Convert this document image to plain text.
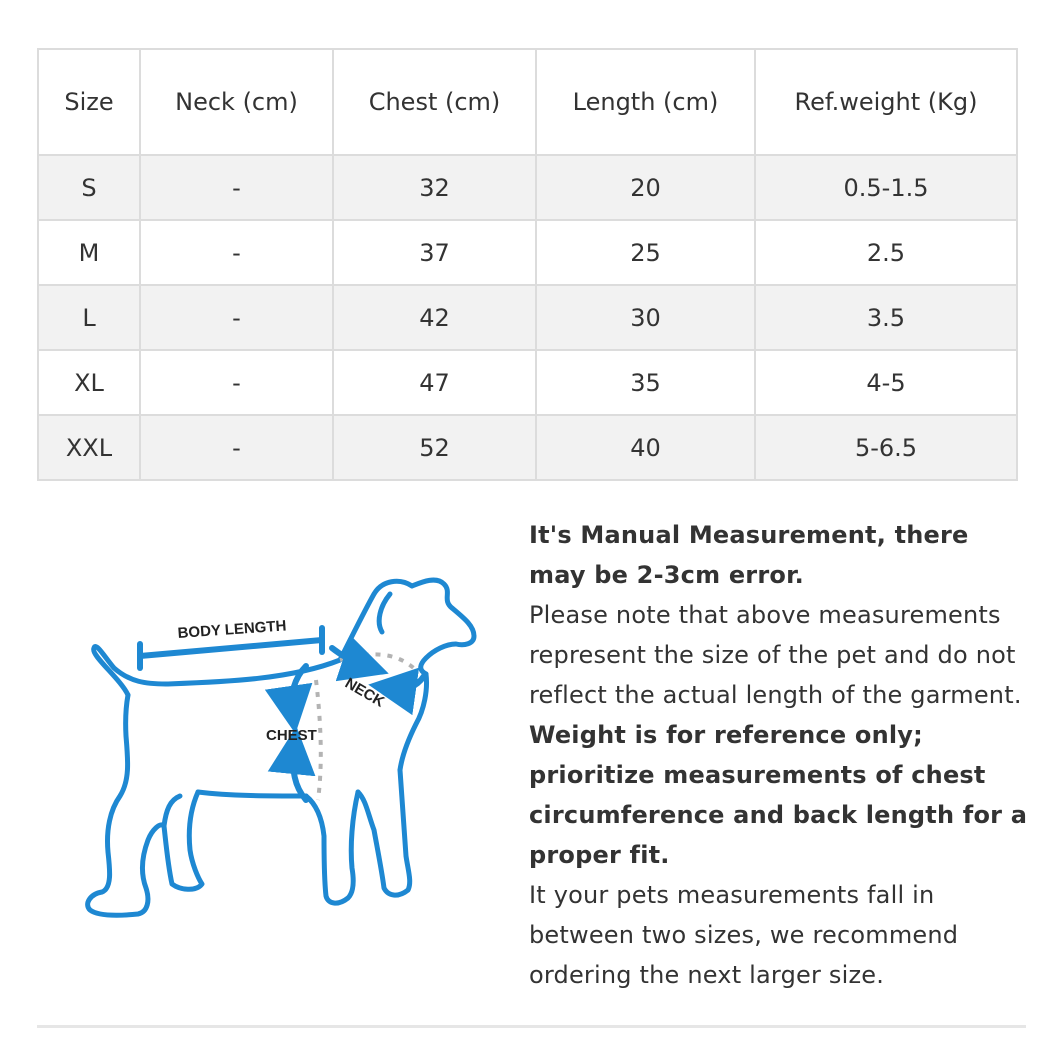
Size	Neck (cm)	Chest (cm)	Length (cm)	Ref.weight (Kg)
S	-	32	20	0.5-1.5
M	-	37	25	2.5
L	-	42	30	3.5
XL	-	47	35	4-5
XXL	-	52	40	5-6.5
BODY LENGTH
CHEST
NECK

It's Manual Measurement, there may be 2-3cm error.

Please note that above measurements represent the size of the pet and do not reflect the actual length of the garment.

Weight is for reference only; prioritize measurements of chest circumference and back length for a proper fit.

It your pets measurements fall in between two sizes, we recommend ordering the next larger size.
